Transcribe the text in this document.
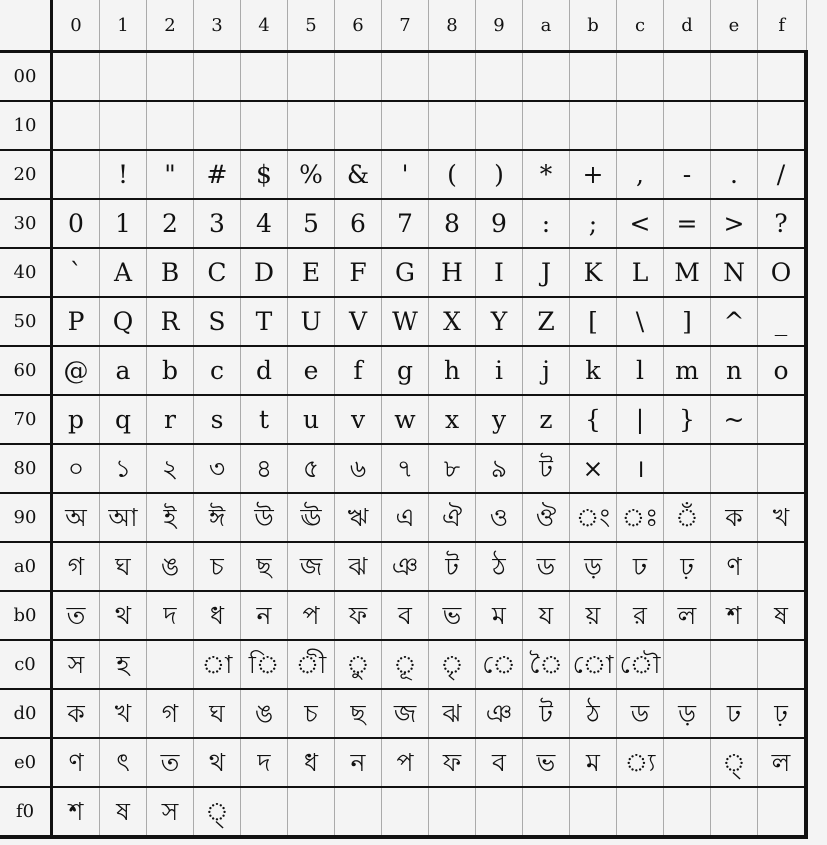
	0	1	2	3	4	5	6	7	8	9	a	b	c	d	e	f
00																
10																
20		!	"	#	$	%	&	'	(	)	*	+	,	-	.	/
30	0	1	2	3	4	5	6	7	8	9	:	;	<	=	>	?
40	`	A	B	C	D	E	F	G	H	I	J	K	L	M	N	O
50	P	Q	R	S	T	U	V	W	X	Y	Z	[	\	]	^	_
60	@	a	b	c	d	e	f	g	h	i	j	k	l	m	n	o
70	p	q	r	s	t	u	v	w	x	y	z	{	|	}	~	
80	০	১	২	৩	৪	৫	৬	৭	৮	৯	ট	×	।			
90	অ	আ	ই	ঈ	উ	ঊ	ঋ	এ	ঐ	ও	ঔ	ং	ঃ	ঁ	ক	খ
a0	গ	ঘ	ঙ	চ	ছ	জ	ঝ	ঞ	ট	ঠ	ড	ড়	ঢ	ঢ়	ণ	
b0	ত	থ	দ	ধ	ন	প	ফ	ব	ভ	ম	য	য়	র	ল	শ	ষ
c0	স	হ		া	ি	ী	ু	ূ	ৃ	ে	ৈ	ো	ৌ			
d0	ক	খ	গ	ঘ	ঙ	চ	ছ	জ	ঝ	ঞ	ট	ঠ	ড	ড়	ঢ	ঢ়
e0	ণ	ৎ	ত	থ	দ	ধ	ন	প	ফ	ব	ভ	ম	্য		্	ল
f0	শ	ষ	স	্												
